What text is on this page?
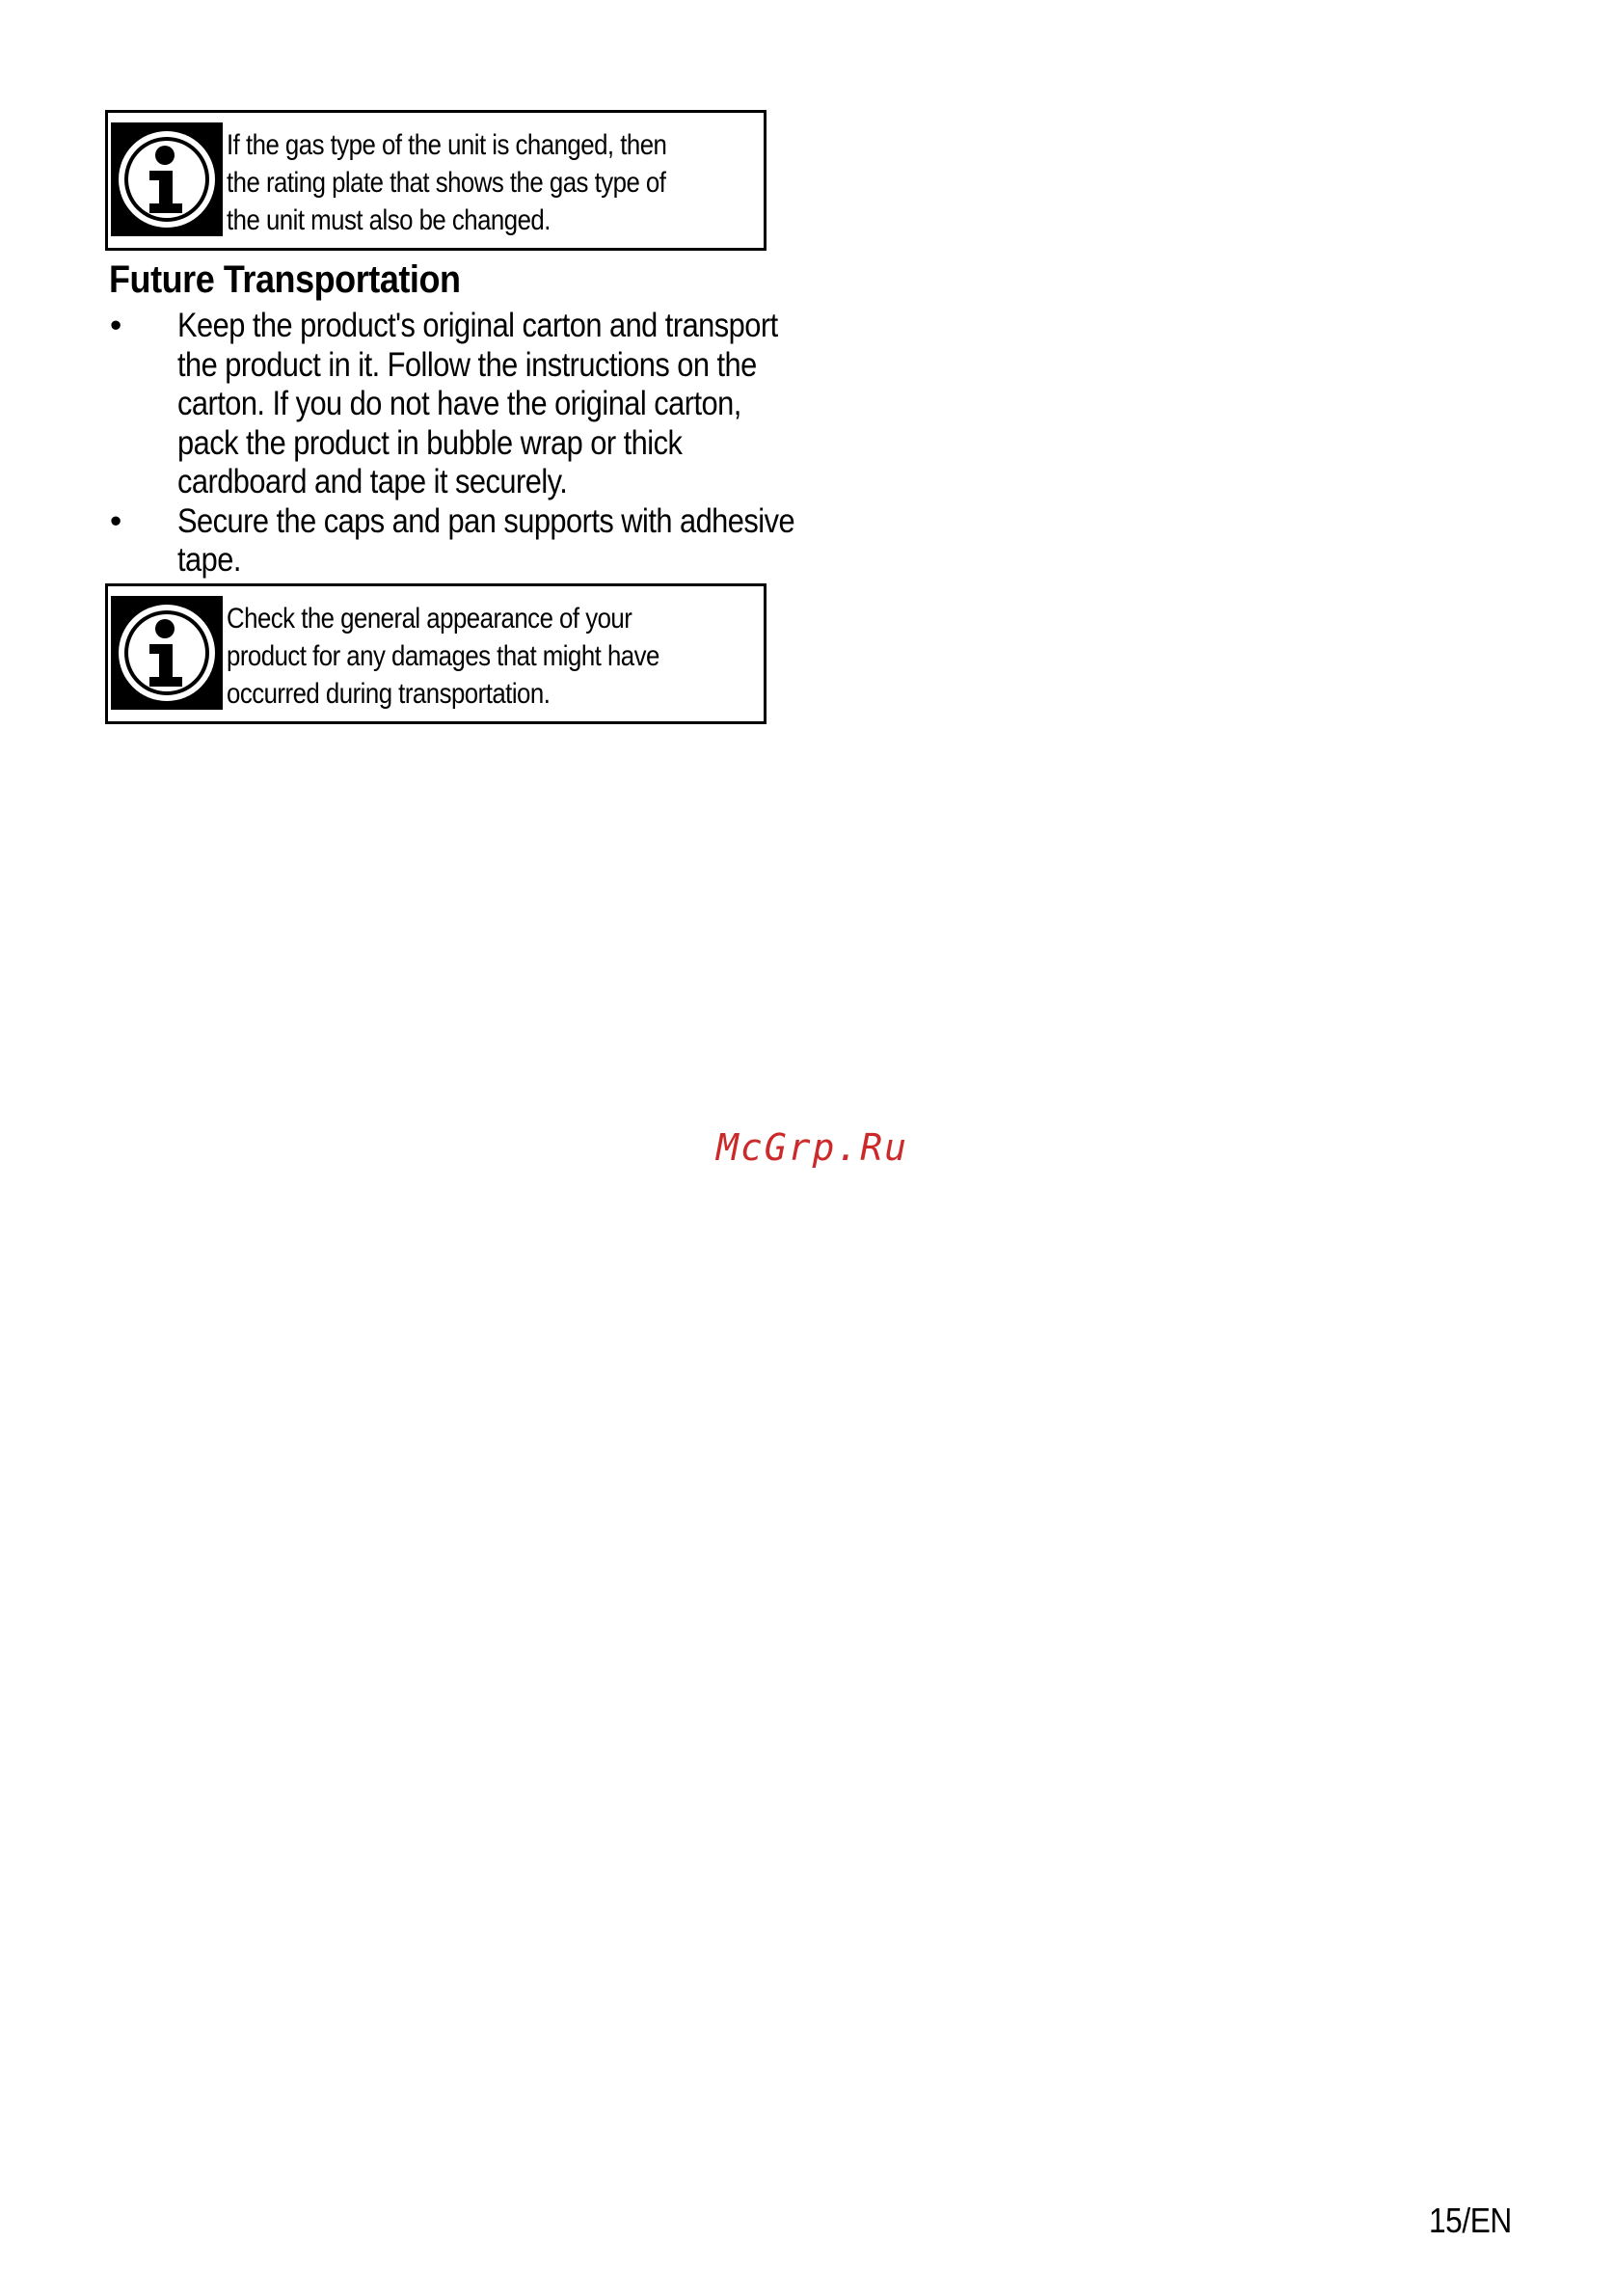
If the gas type of the unit is changed, then the rating plate that shows the gas type of the unit must also be changed.
Future Transportation
• Keep the product's original carton and transport the product in it. Follow the instructions on the carton. If you do not have the original carton, pack the product in bubble wrap or thick cardboard and tape it securely.
• Secure the caps and pan supports with adhesive tape.
Check the general appearance of your product for any damages that might have occurred during transportation.
McGrp.Ru
15/EN
